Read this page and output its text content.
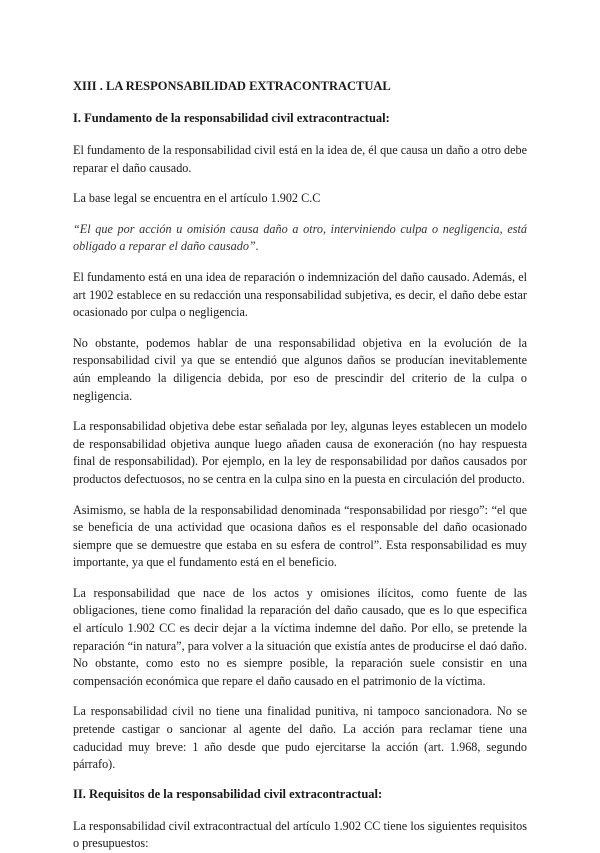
XIII . LA RESPONSABILIDAD EXTRACONTRACTUAL
I. Fundamento de la responsabilidad civil extracontractual:

El fundamento de la responsabilidad civil está en la idea de, él que causa un daño a otro debe reparar el daño causado.

La base legal se encuentra en el artículo 1.902 C.C

“El que por acción u omisión causa daño a otro, interviniendo culpa o negligencia, está obligado a reparar el daño causado”.

El fundamento está en una idea de reparación o indemnización del daño causado. Además, el art 1902 establece en su redacción una responsabilidad subjetiva, es decir, el daño debe estar ocasionado por culpa o negligencia.

No obstante, podemos hablar de una responsabilidad objetiva en la evolución de la responsabilidad civil ya que se entendió que algunos daños se producían inevitablemente aún empleando la diligencia debida, por eso de prescindir del criterio de la culpa o negligencia.

La responsabilidad objetiva debe estar señalada por ley, algunas leyes establecen un modelo de responsabilidad objetiva aunque luego añaden causa de exoneración (no hay respuesta final de responsabilidad). Por ejemplo, en la ley de responsabilidad por daños causados por productos defectuosos, no se centra en la culpa sino en la puesta en circulación del producto.

Asimismo, se habla de la responsabilidad denominada “responsabilidad por riesgo”: “el que se beneficia de una actividad que ocasiona daños es el responsable del daño ocasionado siempre que se demuestre que estaba en su esfera de control”. Esta responsabilidad es muy importante, ya que el fundamento está en el beneficio.

La responsabilidad que nace de los actos y omisiones ilícitos, como fuente de las obligaciones, tiene como finalidad la reparación del daño causado, que es lo que especifica el artículo 1.902 CC es decir dejar a la víctima indemne del daño. Por ello, se pretende la reparación “in natura”, para volver a la situación que existía antes de producirse el daó daño. No obstante, como esto no es siempre posible, la reparación suele consistir en una compensación económica que repare el daño causado en el patrimonio de la víctima.

La responsabilidad civil no tiene una finalidad punitiva, ni tampoco sancionadora. No se pretende castigar o sancionar al agente del daño. La acción para reclamar tiene una caducidad muy breve: 1 año desde que pudo ejercitarse la acción (art. 1.968, segundo párrafo).

II. Requisitos de la responsabilidad civil extracontractual:

La responsabilidad civil extracontractual del artículo 1.902 CC tiene los siguientes requisitos o presupuestos:
